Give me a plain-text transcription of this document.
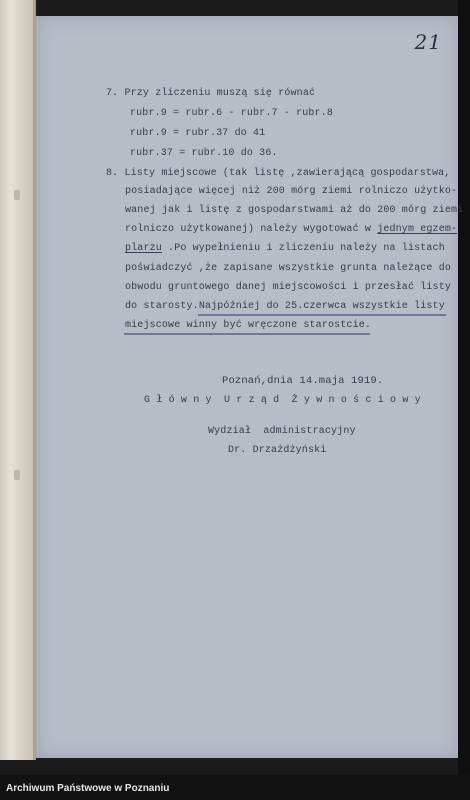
21
7. Przy zliczeniu muszą się równać
rubr.9 = rubr.6 - rubr.7 - rubr.8
rubr.9 = rubr.37 do 41
rubr.37 = rubr.10 do 36.
8. Listy miejscowe (tak listę ,zawierającą gospodarstwa,
posiadające więcej niż 200 mórg ziemi rolniczo użytko-
wanej jak i listę z gospodarstwami aż do 200 mórg ziemi
rolniczo użytkowanej) należy wygotować w jednym egzem-
plarzu .Po wypełnieniu i zliczeniu należy na listach
poświadczyć ,że zapisane wszystkie grunta należące do
obwodu gruntowego danej miejscowości i przesłać listy
do starosty.Najpóźniej do 25.czerwca wszystkie listy
miejscowe winny być wręczone starostcie.
Poznań,dnia 14.maja 1919.
G ł ó w n y  U r z ą d  Ż y w n o ś c i o w y
Wydział  administracyjny
Dr. Drzażdżyński
Archiwum Państwowe w Poznaniu
